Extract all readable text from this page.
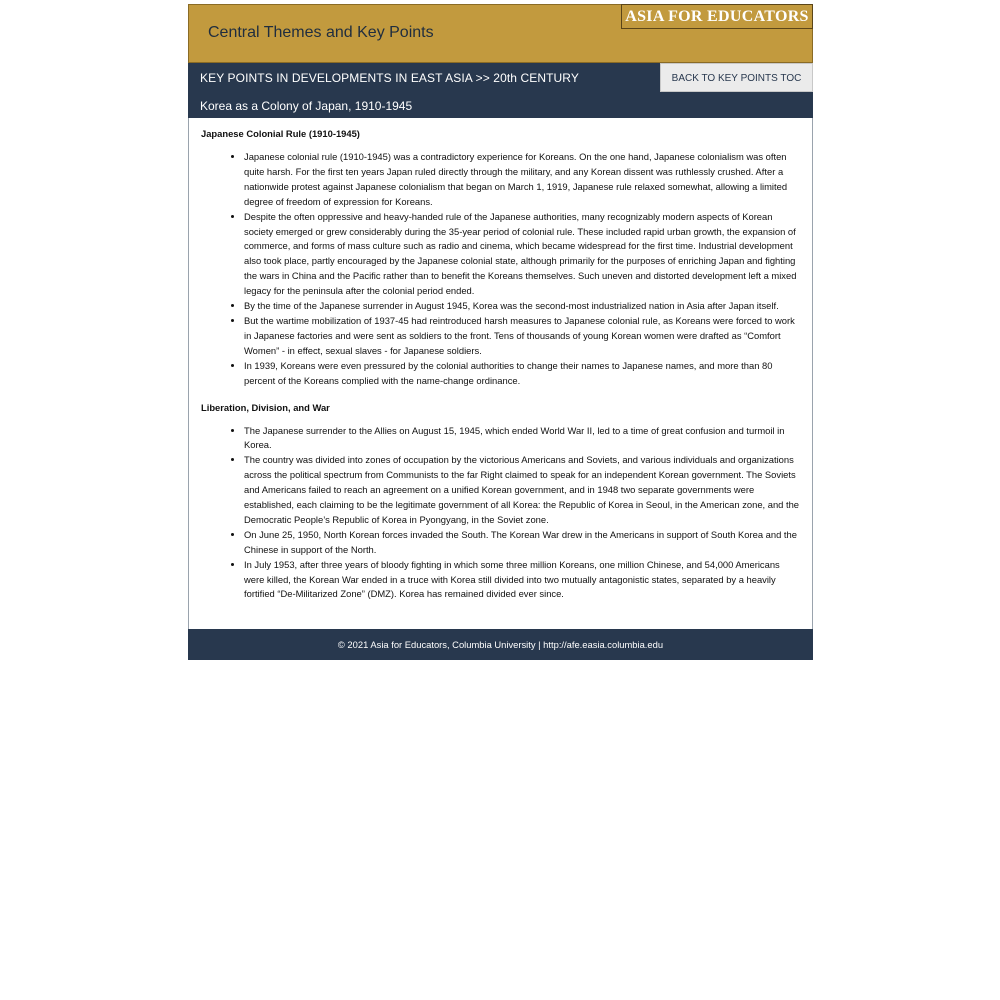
Central Themes and Key Points
ASIA FOR EDUCATORS
KEY POINTS IN DEVELOPMENTS IN EAST ASIA >> 20th CENTURY	BACK TO KEY POINTS TOC
Korea as a Colony of Japan, 1910-1945
Japanese Colonial Rule (1910-1945)
• Japanese colonial rule (1910-1945) was a contradictory experience for Koreans. On the one hand, Japanese colonialism was often quite harsh. For the first ten years Japan ruled directly through the military, and any Korean dissent was ruthlessly crushed. After a nationwide protest against Japanese colonialism that began on March 1, 1919, Japanese rule relaxed somewhat, allowing a limited degree of freedom of expression for Koreans.
• Despite the often oppressive and heavy-handed rule of the Japanese authorities, many recognizably modern aspects of Korean society emerged or grew considerably during the 35-year period of colonial rule. These included rapid urban growth, the expansion of commerce, and forms of mass culture such as radio and cinema, which became widespread for the first time. Industrial development also took place, partly encouraged by the Japanese colonial state, although primarily for the purposes of enriching Japan and fighting the wars in China and the Pacific rather than to benefit the Koreans themselves. Such uneven and distorted development left a mixed legacy for the peninsula after the colonial period ended.
• By the time of the Japanese surrender in August 1945, Korea was the second-most industrialized nation in Asia after Japan itself.
• But the wartime mobilization of 1937-45 had reintroduced harsh measures to Japanese colonial rule, as Koreans were forced to work in Japanese factories and were sent as soldiers to the front. Tens of thousands of young Korean women were drafted as “Comfort Women” - in effect, sexual slaves - for Japanese soldiers.
• In 1939, Koreans were even pressured by the colonial authorities to change their names to Japanese names, and more than 80 percent of the Koreans complied with the name-change ordinance.
Liberation, Division, and War
• The Japanese surrender to the Allies on August 15, 1945, which ended World War II, led to a time of great confusion and turmoil in Korea.
• The country was divided into zones of occupation by the victorious Americans and Soviets, and various individuals and organizations across the political spectrum from Communists to the far Right claimed to speak for an independent Korean government. The Soviets and Americans failed to reach an agreement on a unified Korean government, and in 1948 two separate governments were established, each claiming to be the legitimate government of all Korea: the Republic of Korea in Seoul, in the American zone, and the Democratic People’s Republic of Korea in Pyongyang, in the Soviet zone.
• On June 25, 1950, North Korean forces invaded the South. The Korean War drew in the Americans in support of South Korea and the Chinese in support of the North.
• In July 1953, after three years of bloody fighting in which some three million Koreans, one million Chinese, and 54,000 Americans were killed, the Korean War ended in a truce with Korea still divided into two mutually antagonistic states, separated by a heavily fortified “De-Militarized Zone” (DMZ). Korea has remained divided ever since.
© 2021 Asia for Educators, Columbia University | http://afe.easia.columbia.edu
